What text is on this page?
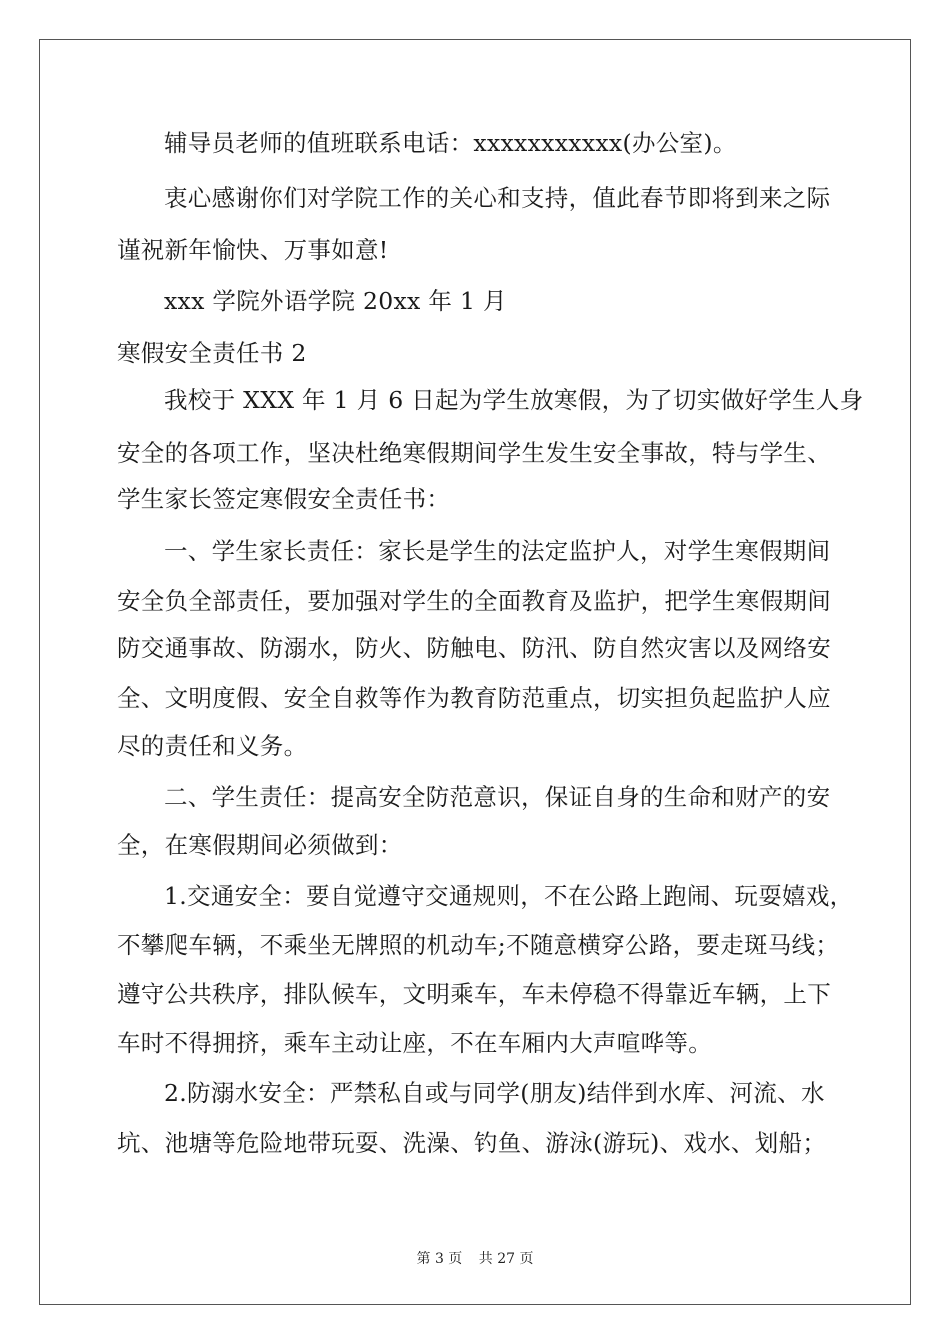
辅导员老师的值班联系电话：xxxxxxxxxxx(办公室)。
衷心感谢你们对学院工作的关心和支持，值此春节即将到来之际
谨祝新年愉快、万事如意!
xxx 学院外语学院 20xx 年 1 月
寒假安全责任书 2
我校于 XXX 年 1 月 6 日起为学生放寒假，为了切实做好学生人身
安全的各项工作，坚决杜绝寒假期间学生发生安全事故，特与学生、
学生家长签定寒假安全责任书：
一、学生家长责任：家长是学生的法定监护人，对学生寒假期间
安全负全部责任，要加强对学生的全面教育及监护，把学生寒假期间
防交通事故、防溺水，防火、防触电、防汛、防自然灾害以及网络安
全、文明度假、安全自救等作为教育防范重点，切实担负起监护人应
尽的责任和义务。
二、学生责任：提高安全防范意识，保证自身的生命和财产的安
全，在寒假期间必须做到：
1.交通安全：要自觉遵守交通规则，不在公路上跑闹、玩耍嬉戏，
不攀爬车辆，不乘坐无牌照的机动车;不随意横穿公路，要走斑马线；
遵守公共秩序，排队候车，文明乘车，车未停稳不得靠近车辆，上下
车时不得拥挤，乘车主动让座，不在车厢内大声喧哗等。
2.防溺水安全：严禁私自或与同学(朋友)结伴到水库、河流、水
坑、池塘等危险地带玩耍、洗澡、钓鱼、游泳(游玩)、戏水、划船；
第 3 页 共 27 页
